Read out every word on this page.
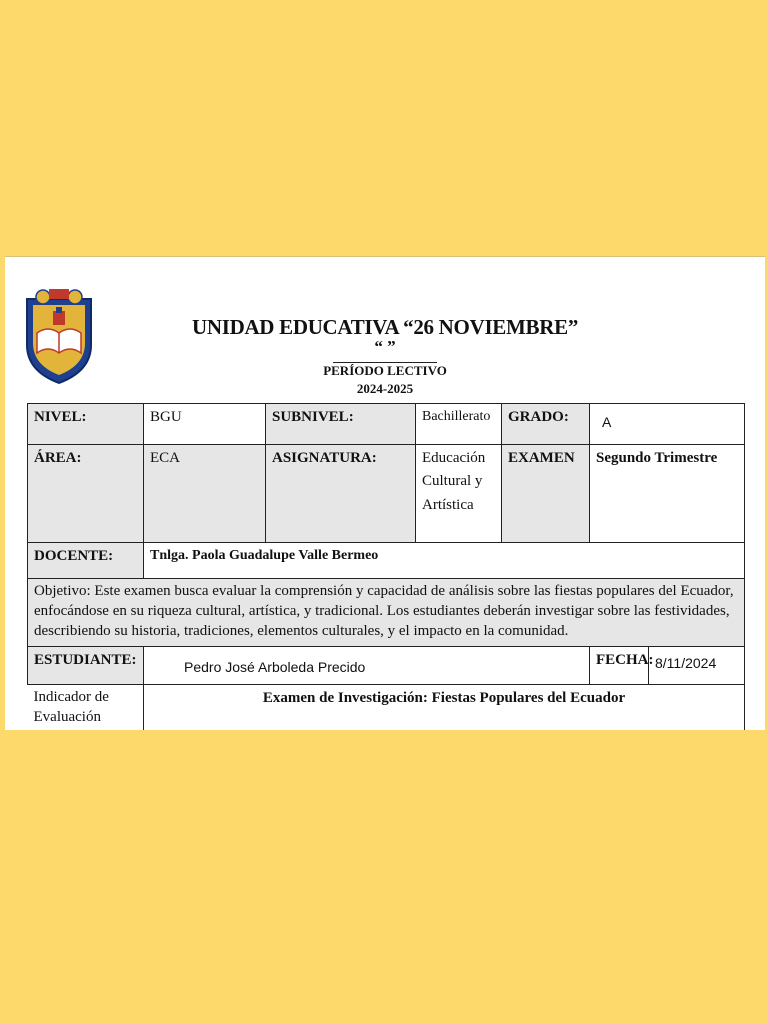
UNIDAD EDUCATIVA “26 NOVIEMBRE”
“ ”
PERÍODO LECTIVO
2024-2025
NIVEL:	BGU	SUBNIVEL:	Bachillerato	GRADO:	A	
ÁREA:	ECA	ASIGNATURA:	Educación Cultural y Artística	EXAMEN	Segundo Trimestre	
DOCENTE:	Tnlga. Paola Guadalupe Valle Bermeo					
Objetivo: Este examen busca evaluar la comprensión y capacidad de análisis sobre las fiestas populares del Ecuador, enfocándose en su riqueza cultural, artística, y tradicional. Los estudiantes deberán investigar sobre las festividades, describiendo su historia, tradiciones, elementos culturales, y el impacto en la comunidad.						
ESTUDIANTE:	Pedro José Arboleda Precido				FECHA:	8/11/2024
Indicador de Evaluación	Examen de Investigación: Fiestas Populares del Ecuador					
